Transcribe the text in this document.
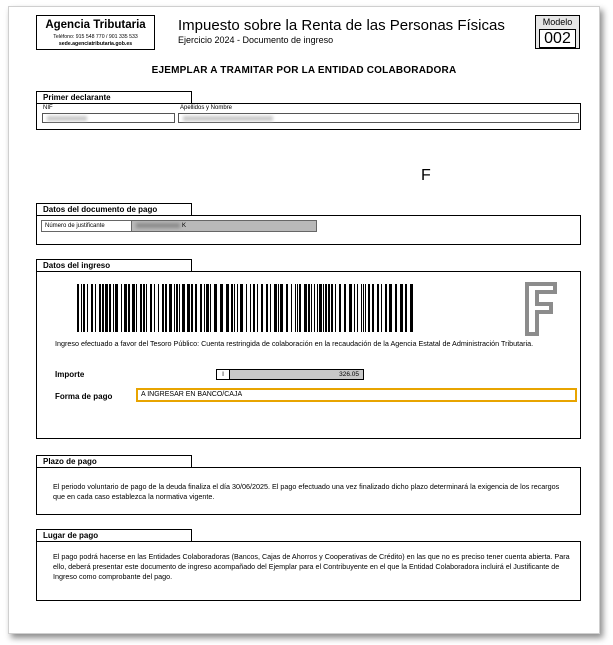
Agencia Tributaria
Teléfono: 915 548 770 / 901 335 533
sede.agenciatributaria.gob.es
Impuesto sobre la Renta de las Personas Físicas
Ejercicio 2024 - Documento de ingreso
Modelo
002
EJEMPLAR A TRAMITAR POR LA ENTIDAD COLABORADORA
Primer declarante
NIF	Apellidos y Nombre
Datos del documento de pago
Número de justificante	K
Datos del ingreso
F
Ingreso efectuado a favor del Tesoro Público: Cuenta restringida de colaboración en la recaudación de la Agencia Estatal de Administración Tributaria.
Importe	I	326.05
Forma de pago	A INGRESAR EN BANCO/CAJA
Plazo de pago
El periodo voluntario de pago de la deuda finaliza el día 30/06/2025. El pago efectuado una vez finalizado dicho plazo determinará la exigencia de los recargos que en cada caso establezca la normativa vigente.
Lugar de pago
El pago podrá hacerse en las Entidades Colaboradoras (Bancos, Cajas de Ahorros y Cooperativas de Crédito) en las que no es preciso tener cuenta abierta. Para ello, deberá presentar este documento de ingreso acompañado del Ejemplar para el Contribuyente en el que la Entidad Colaboradora incluirá el Justificante de Ingreso como comprobante del pago.
